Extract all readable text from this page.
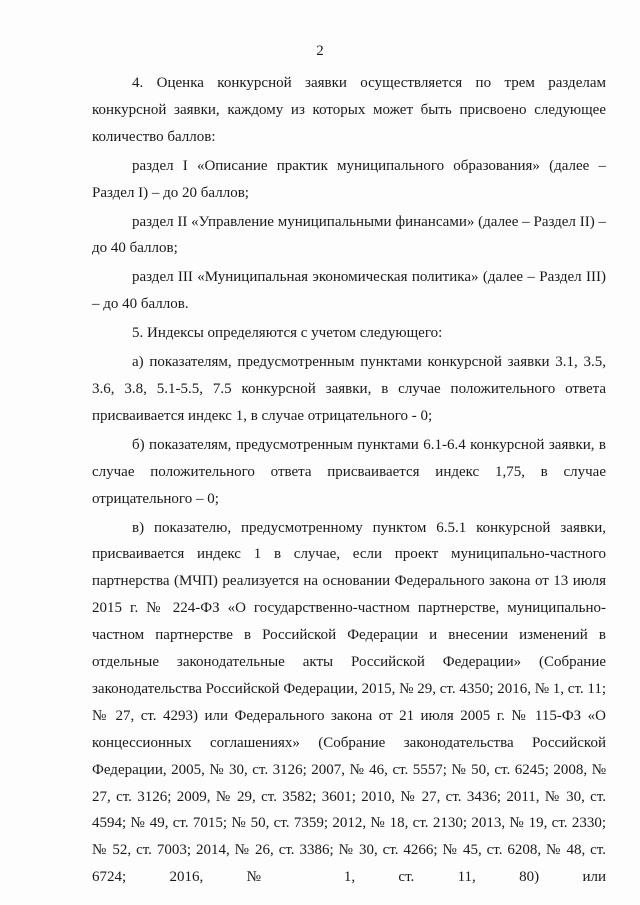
2

4. Оценка конкурсной заявки осуществляется по трем разделам конкурсной заявки, каждому из которых может быть присвоено следующее количество баллов:

раздел I «Описание практик муниципального образования» (далее – Раздел I) – до 20 баллов;

раздел II «Управление муниципальными финансами» (далее – Раздел II) – до 40 баллов;

раздел III «Муниципальная экономическая политика» (далее – Раздел III) – до 40 баллов.

5. Индексы определяются с учетом следующего:

а) показателям, предусмотренным пунктами конкурсной заявки 3.1, 3.5, 3.6, 3.8, 5.1-5.5, 7.5 конкурсной заявки, в случае положительного ответа присваивается индекс 1, в случае отрицательного - 0;

б) показателям, предусмотренным пунктами 6.1-6.4 конкурсной заявки, в случае положительного ответа присваивается индекс 1,75, в случае отрицательного – 0;

в) показателю, предусмотренному пунктом 6.5.1 конкурсной заявки, присваивается индекс 1 в случае, если проект муниципально-частного партнерства (МЧП) реализуется на основании Федерального закона от 13 июля 2015 г. № 224-ФЗ «О государственно-частном партнерстве, муниципально-частном партнерстве в Российской Федерации и внесении изменений в отдельные законодательные акты Российской Федерации» (Собрание законодательства Российской Федерации, 2015, № 29, ст. 4350; 2016, № 1, ст. 11; № 27, ст. 4293) или Федерального закона от 21 июля 2005 г. № 115-ФЗ «О концессионных соглашениях» (Собрание законодательства Российской Федерации, 2005, № 30, ст. 3126; 2007, № 46, ст. 5557; № 50, ст. 6245; 2008, № 27, ст. 3126; 2009, № 29, ст. 3582; 3601; 2010, № 27, ст. 3436; 2011, № 30, ст. 4594; № 49, ст. 7015; № 50, ст. 7359; 2012, № 18, ст. 2130; 2013, № 19, ст. 2330; № 52, ст. 7003; 2014, № 26, ст. 3386; № 30, ст. 4266; № 45, ст. 6208, № 48, ст. 6724; 2016, № 1, ст. 11, 80) или
